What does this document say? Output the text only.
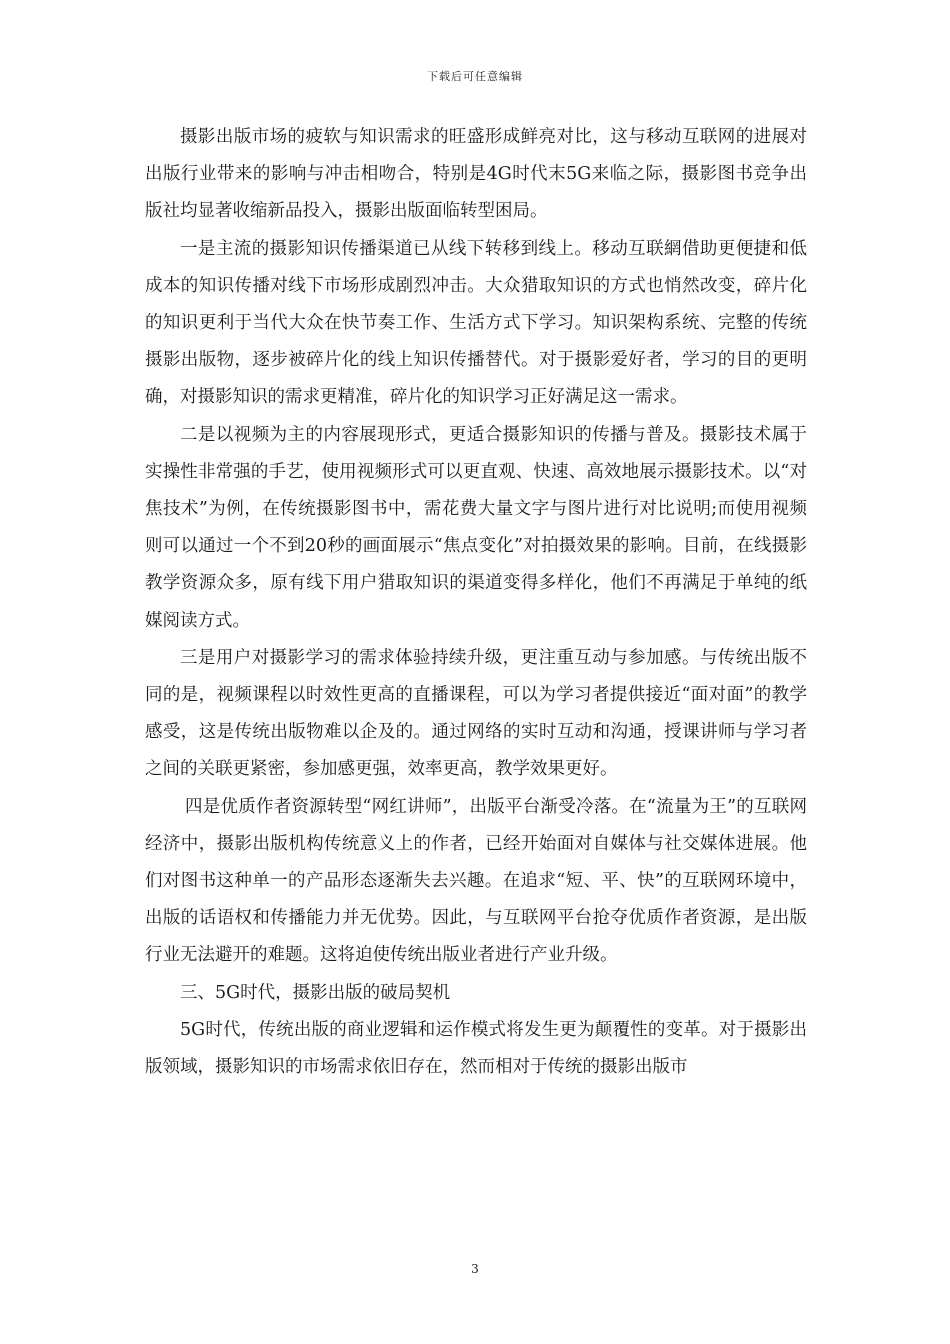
下载后可任意编辑

摄影出版市场的疲软与知识需求的旺盛形成鲜亮对比，这与移动互联网的进展对出版行业带来的影响与冲击相吻合，特别是4G时代末5G来临之际，摄影图书竞争出版社均显著收缩新品投入，摄影出版面临转型困局。

一是主流的摄影知识传播渠道已从线下转移到线上。移动互联網借助更便捷和低成本的知识传播对线下市场形成剧烈冲击。大众猎取知识的方式也悄然改变，碎片化的知识更利于当代大众在快节奏工作、生活方式下学习。知识架构系统、完整的传统摄影出版物，逐步被碎片化的线上知识传播替代。对于摄影爱好者，学习的目的更明确，对摄影知识的需求更精准，碎片化的知识学习正好满足这一需求。

二是以视频为主的内容展现形式，更适合摄影知识的传播与普及。摄影技术属于实操性非常强的手艺，使用视频形式可以更直观、快速、高效地展示摄影技术。以“对焦技术”为例，在传统摄影图书中，需花费大量文字与图片进行对比说明;而使用视频则可以通过一个不到20秒的画面展示“焦点变化”对拍摄效果的影响。目前，在线摄影教学资源众多，原有线下用户猎取知识的渠道变得多样化，他们不再满足于单纯的纸媒阅读方式。

三是用户对摄影学习的需求体验持续升级，更注重互动与参加感。与传统出版不同的是，视频课程以时效性更高的直播课程，可以为学习者提供接近“面对面”的教学感受，这是传统出版物难以企及的。通过网络的实时互动和沟通，授课讲师与学习者之间的关联更紧密，参加感更强，效率更高，教学效果更好。

四是优质作者资源转型“网红讲师”，出版平台渐受冷落。在“流量为王”的互联网经济中，摄影出版机构传统意义上的作者，已经开始面对自媒体与社交媒体进展。他们对图书这种单一的产品形态逐渐失去兴趣。在追求“短、平、快”的互联网环境中，出版的话语权和传播能力并无优势。因此，与互联网平台抢夺优质作者资源，是出版行业无法避开的难题。这将迫使传统出版业者进行产业升级。

三、5G时代，摄影出版的破局契机

5G时代，传统出版的商业逻辑和运作模式将发生更为颠覆性的变革。对于摄影出版领域，摄影知识的市场需求依旧存在，然而相对于传统的摄影出版市

3
